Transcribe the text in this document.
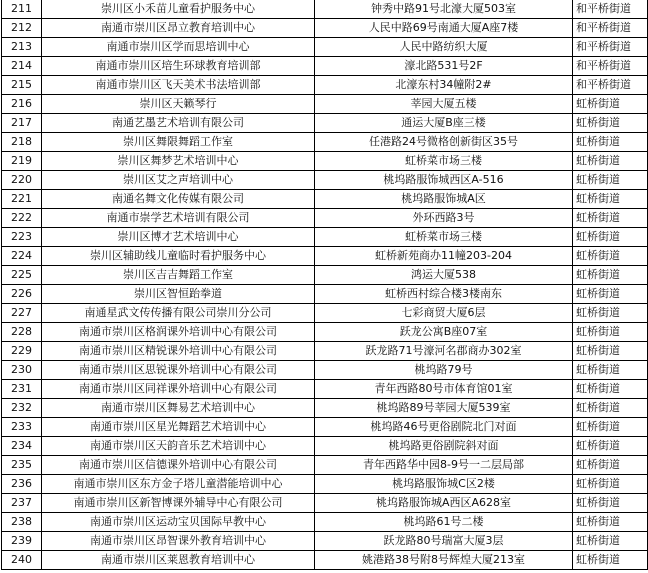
211	崇川区小禾苗儿童看护服务中心	钟秀中路91号北濠大厦503室	和平桥街道
212	南通市崇川区昂立教育培训中心	人民中路69号南通大厦A座7楼	和平桥街道
213	南通市崇川区学而思培训中心	人民中路纺织大厦	和平桥街道
214	南通市崇川区培生环球教育培训部	濠北路531号2F	和平桥街道
215	南通市崇川区飞天美术书法培训部	北濠东村34幢附2#	和平桥街道
216	崇川区天籁琴行	莘园大厦五楼	虹桥街道
217	南通艺墨艺术培训有限公司	通运大厦B座三楼	虹桥街道
218	崇川区舞限舞蹈工作室	任港路24号微格创新街区35号	虹桥街道
219	崇川区舞梦艺术培训中心	虹桥菜市场三楼	虹桥街道
220	崇川区艾之声培训中心	桃坞路服饰城西区A-516	虹桥街道
221	南通名舞文化传媒有限公司	桃坞路服饰城A区	虹桥街道
222	南通市崇学艺术培训有限公司	外环西路3号	虹桥街道
223	崇川区博才艺术培训中心	虹桥菜市场三楼	虹桥街道
224	崇川区辅助线儿童临时看护服务中心	虹桥新苑商办11幢203-204	虹桥街道
225	崇川区吉吉舞蹈工作室	鸿运大厦538	虹桥街道
226	崇川区智恒跆拳道	虹桥西村综合楼3楼南东	虹桥街道
227	南通星武文传传播有限公司崇川分公司	七彩商贸大厦6层	虹桥街道
228	南通市崇川区格润课外培训中心有限公司	跃龙公寓B座07室	虹桥街道
229	南通市崇川区精锐课外培训中心有限公司	跃龙路71号濠河名郡商办302室	虹桥街道
230	南通市崇川区思锐课外培训中心有限公司	桃坞路79号	虹桥街道
231	南通市崇川区同祥课外培训中心有限公司	青年西路80号市体育馆01室	虹桥街道
232	南通市崇川区舞易艺术培训中心	桃坞路89号莘园大厦539室	虹桥街道
233	南通市崇川区星光舞蹈艺术培训中心	桃坞路46号更俗剧院北门对面	虹桥街道
234	南通市崇川区天韵音乐艺术培训中心	桃坞路更俗剧院斜对面	虹桥街道
235	南通市崇川区信德课外培训中心有限公司	青年西路华中园8-9号一二层局部	虹桥街道
236	南通市崇川区东方金子塔儿童潜能培训中心	桃坞路服饰城C区2楼	虹桥街道
237	南通市崇川区新智博课外辅导中心有限公司	桃坞路服饰城A西区A628室	虹桥街道
238	南通市崇川区运动宝贝国际早教中心	桃坞路61号二楼	虹桥街道
239	南通市崇川区昂智课外教育培训中心	跃龙路80号瑞富大厦3层	虹桥街道
240	南通市崇川区莱恩教育培训中心	姚港路38号附8号辉煌大厦213室	虹桥街道
